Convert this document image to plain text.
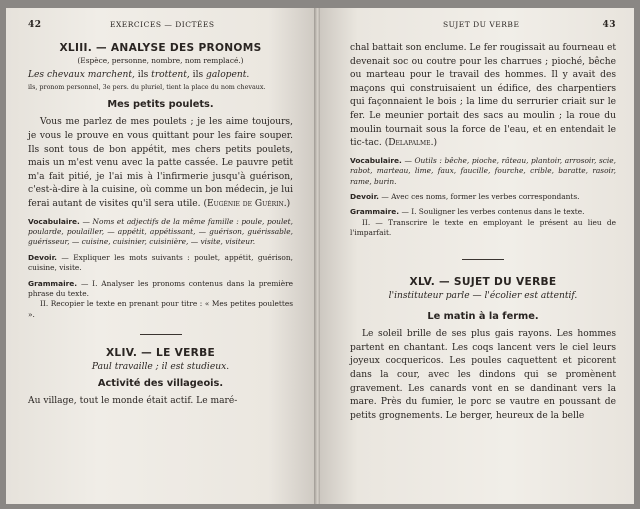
42	EXERCICES — DICTÉES
XLIII. — ANALYSE DES PRONOMS

(Espèce, personne, nombre, nom remplacé.)

Les chevaux marchent, ils trottent, ils galopent.

ils, pronom personnel, 3e pers. du pluriel, tient la place du nom chevaux.

Mes petits poulets.

Vous me parlez de mes poulets ; je les aime toujours, je vous le prouve en vous quittant pour les faire souper. Ils sont tous de bon appétit, mes chers petits poulets, mais un m'est venu avec la patte cassée. Le pauvre petit m'a fait pitié, je l'ai mis à l'infirmerie jusqu'à guérison, c'est-à-dire à la cuisine, où comme un bon médecin, je lui ferai autant de visites qu'il sera utile. (Eugénie de Guérin.)

Vocabulaire. — Noms et adjectifs de la même famille : poule, poulet, poularde, poulailler, — appétit, appétissant, — guérison, guérissable, guérisseur, — cuisine, cuisinier, cuisinière, — visite, visiteur.

Devoir. — Expliquer les mots suivants : poulet, appétit, guérison, cuisine, visite.

Grammaire. — I. Analyser les pronoms contenus dans la première phrase du texte.

II. Recopier le texte en prenant pour titre : « Mes petites poulettes ».

XLIV. — LE VERBE

Paul travaille ; il est studieux.

Activité des villageois.

Au village, tout le monde était actif. Le maré-

SUJET DU VERBE	43

chal battait son enclume. Le fer rougissait au fourneau et devenait soc ou coutre pour les charrues ; pioché, bêche ou marteau pour le travail des hommes. Il y avait des maçons qui construisaient un édifice, des charpentiers qui façonnaient le bois ; la lime du serrurier criait sur le fer. Le meunier portait des sacs au moulin ; la roue du moulin tournait sous la force de l'eau, et en entendait le tic-tac. (Delapalme.)

Vocabulaire. — Outils : bêche, pioche, râteau, plantoir, arrosoir, scie, rabot, marteau, lime, faux, faucille, fourche, crible, baratte, rasoir, rame, burin.

Devoir. — Avec ces noms, former les verbes correspondants.

Grammaire. — I. Souligner les verbes contenus dans le texte.

II. — Transcrire le texte en employant le présent au lieu de l'imparfait.

XLV. — SUJET DU VERBE

l'instituteur parle — l'écolier est attentif.

Le matin à la ferme.

Le soleil brille de ses plus gais rayons. Les hommes partent en chantant. Les coqs lancent vers le ciel leurs joyeux cocquericos. Les poules caquettent et picorent dans la cour, avec les dindons qui se promènent gravement. Les canards vont en se dandinant vers la mare. Près du fumier, le porc se vautre en poussant de petits grognements. Le berger, heureux de la belle
